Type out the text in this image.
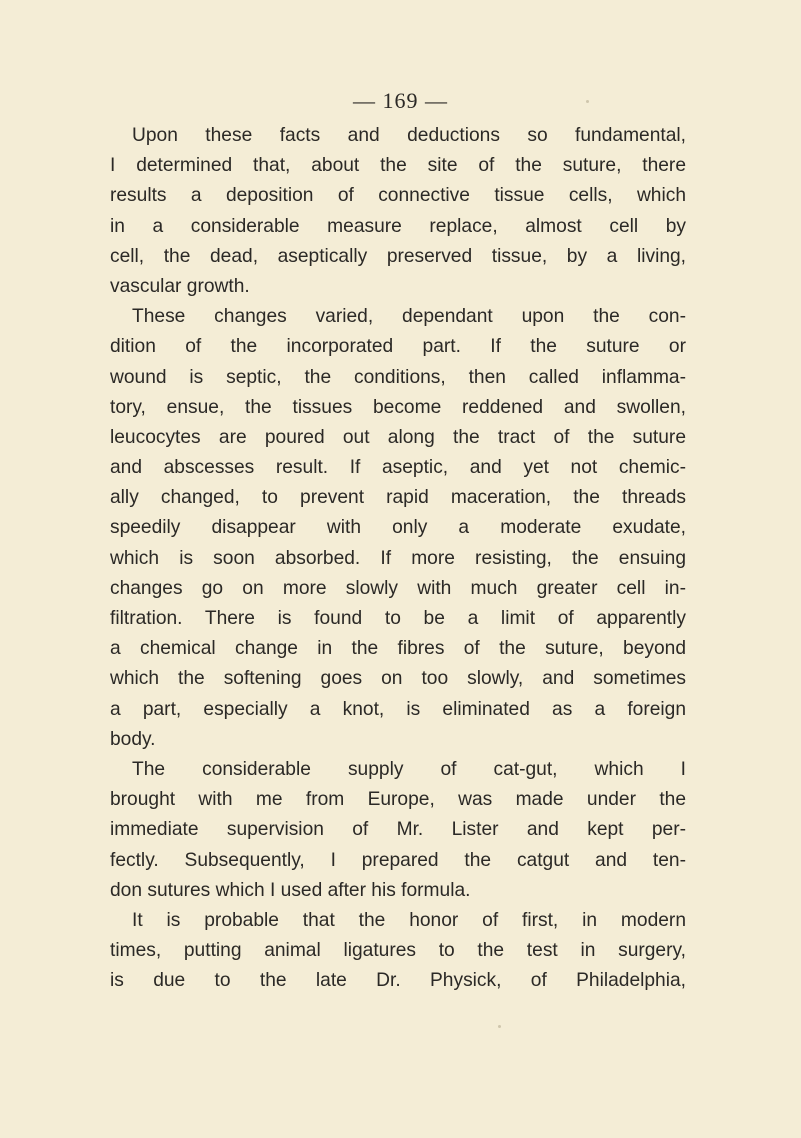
— 169 —
Upon these facts and deductions so fundamental,
I determined that, about the site of the suture, there
results a deposition of connective tissue cells, which
in a considerable measure replace, almost cell by
cell, the dead, aseptically preserved tissue, by a living,
vascular growth.
These changes varied, dependant upon the con-
dition of the incorporated part. If the suture or
wound is septic, the conditions, then called inflamma-
tory, ensue, the tissues become reddened and swollen,
leucocytes are poured out along the tract of the suture
and abscesses result. If aseptic, and yet not chemic-
ally changed, to prevent rapid maceration, the threads
speedily disappear with only a moderate exudate,
which is soon absorbed. If more resisting, the ensuing
changes go on more slowly with much greater cell in-
filtration. There is found to be a limit of apparently
a chemical change in the fibres of the suture, beyond
which the softening goes on too slowly, and sometimes
a part, especially a knot, is eliminated as a foreign
body.
The considerable supply of cat-gut, which I
brought with me from Europe, was made under the
immediate supervision of Mr. Lister and kept per-
fectly. Subsequently, I prepared the catgut and ten-
don sutures which I used after his formula.
It is probable that the honor of first, in modern
times, putting animal ligatures to the test in surgery,
is due to the late Dr. Physick, of Philadelphia,
